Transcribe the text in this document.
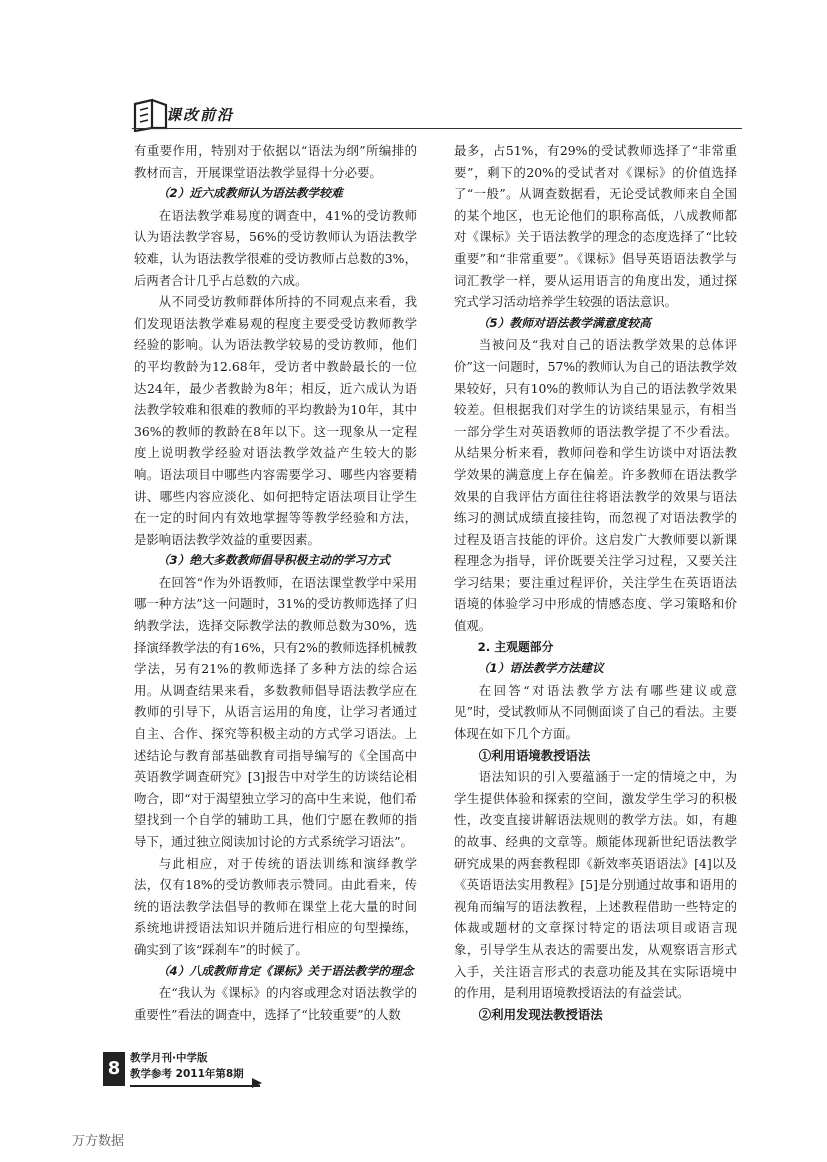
课改前沿

有重要作用，特别对于依据以“语法为纲”所编排的教材而言，开展课堂语法教学显得十分必要。

（2）近六成教师认为语法教学较难

在语法教学难易度的调查中，41%的受访教师认为语法教学容易，56%的受访教师认为语法教学较难，认为语法教学很难的受访教师占总数的3%，后两者合计几乎占总数的六成。

从不同受访教师群体所持的不同观点来看，我们发现语法教学难易观的程度主要受受访教师教学经验的影响。认为语法教学较易的受访教师，他们的平均教龄为12.68年，受访者中教龄最长的一位达24年，最少者教龄为8年；相反，近六成认为语法教学较难和很难的教师的平均教龄为10年，其中36%的教师的教龄在8年以下。这一现象从一定程度上说明教学经验对语法教学效益产生较大的影响。语法项目中哪些内容需要学习、哪些内容要精讲、哪些内容应淡化、如何把特定语法项目让学生在一定的时间内有效地掌握等等教学经验和方法，是影响语法教学效益的重要因素。

（3）绝大多数教师倡导积极主动的学习方式

在回答“作为外语教师，在语法课堂教学中采用哪一种方法”这一问题时，31%的受访教师选择了归纳教学法，选择交际教学法的教师总数为30%，选择演绎教学法的有16%，只有2%的教师选择机械教学法，另有21%的教师选择了多种方法的综合运用。从调查结果来看，多数教师倡导语法教学应在教师的引导下，从语言运用的角度，让学习者通过自主、合作、探究等积极主动的方式学习语法。上述结论与教育部基础教育司指导编写的《全国高中英语教学调查研究》[3]报告中对学生的访谈结论相吻合，即“对于渴望独立学习的高中生来说，他们希望找到一个自学的辅助工具，他们宁愿在教师的指导下，通过独立阅读加讨论的方式系统学习语法”。

与此相应，对于传统的语法训练和演绎教学法，仅有18%的受访教师表示赞同。由此看来，传统的语法教学法倡导的教师在课堂上花大量的时间系统地讲授语法知识并随后进行相应的句型操练，确实到了该“踩刹车”的时候了。

（4）八成教师肯定《课标》关于语法教学的理念

在“我认为《课标》的内容或理念对语法教学的重要性”看法的调查中，选择了“比较重要”的人数

最多，占51%，有29%的受试教师选择了“非常重要”，剩下的20%的受试者对《课标》的价值选择了“一般”。从调查数据看，无论受试教师来自全国的某个地区，也无论他们的职称高低，八成教师都对《课标》关于语法教学的理念的态度选择了“比较重要”和“非常重要”。《课标》倡导英语语法教学与词汇教学一样，要从运用语言的角度出发，通过探究式学习活动培养学生较强的语法意识。

（5）教师对语法教学满意度较高

当被问及“我对自己的语法教学效果的总体评价”这一问题时，57%的教师认为自己的语法教学效果较好，只有10%的教师认为自己的语法教学效果较差。但根据我们对学生的访谈结果显示，有相当一部分学生对英语教师的语法教学提了不少看法。从结果分析来看，教师问卷和学生访谈中对语法教学效果的满意度上存在偏差。许多教师在语法教学效果的自我评估方面往往将语法教学的效果与语法练习的测试成绩直接挂钩，而忽视了对语法教学的过程及语言技能的评价。这启发广大教师要以新课程理念为指导，评价既要关注学习过程，又要关注学习结果；要注重过程评价，关注学生在英语语法语境的体验学习中形成的情感态度、学习策略和价值观。

2. 主观题部分

（1）语法教学方法建议

在回答“对语法教学方法有哪些建议或意见”时，受试教师从不同侧面谈了自己的看法。主要体现在如下几个方面。

①利用语境教授语法

语法知识的引入要蕴涵于一定的情境之中，为学生提供体验和探索的空间，激发学生学习的积极性，改变直接讲解语法规则的教学方法。如，有趣的故事、经典的文章等。颇能体现新世纪语法教学研究成果的两套教程即《新效率英语语法》[4]以及《英语语法实用教程》[5]是分别通过故事和语用的视角而编写的语法教程，上述教程借助一些特定的体裁或题材的文章探讨特定的语法项目或语言现象，引导学生从表达的需要出发，从观察语言形式入手，关注语言形式的表意功能及其在实际语境中的作用，是利用语境教授语法的有益尝试。

②利用发现法教授语法

8 教学月刊·中学版
教学参考 2011年第8期
万方数据
